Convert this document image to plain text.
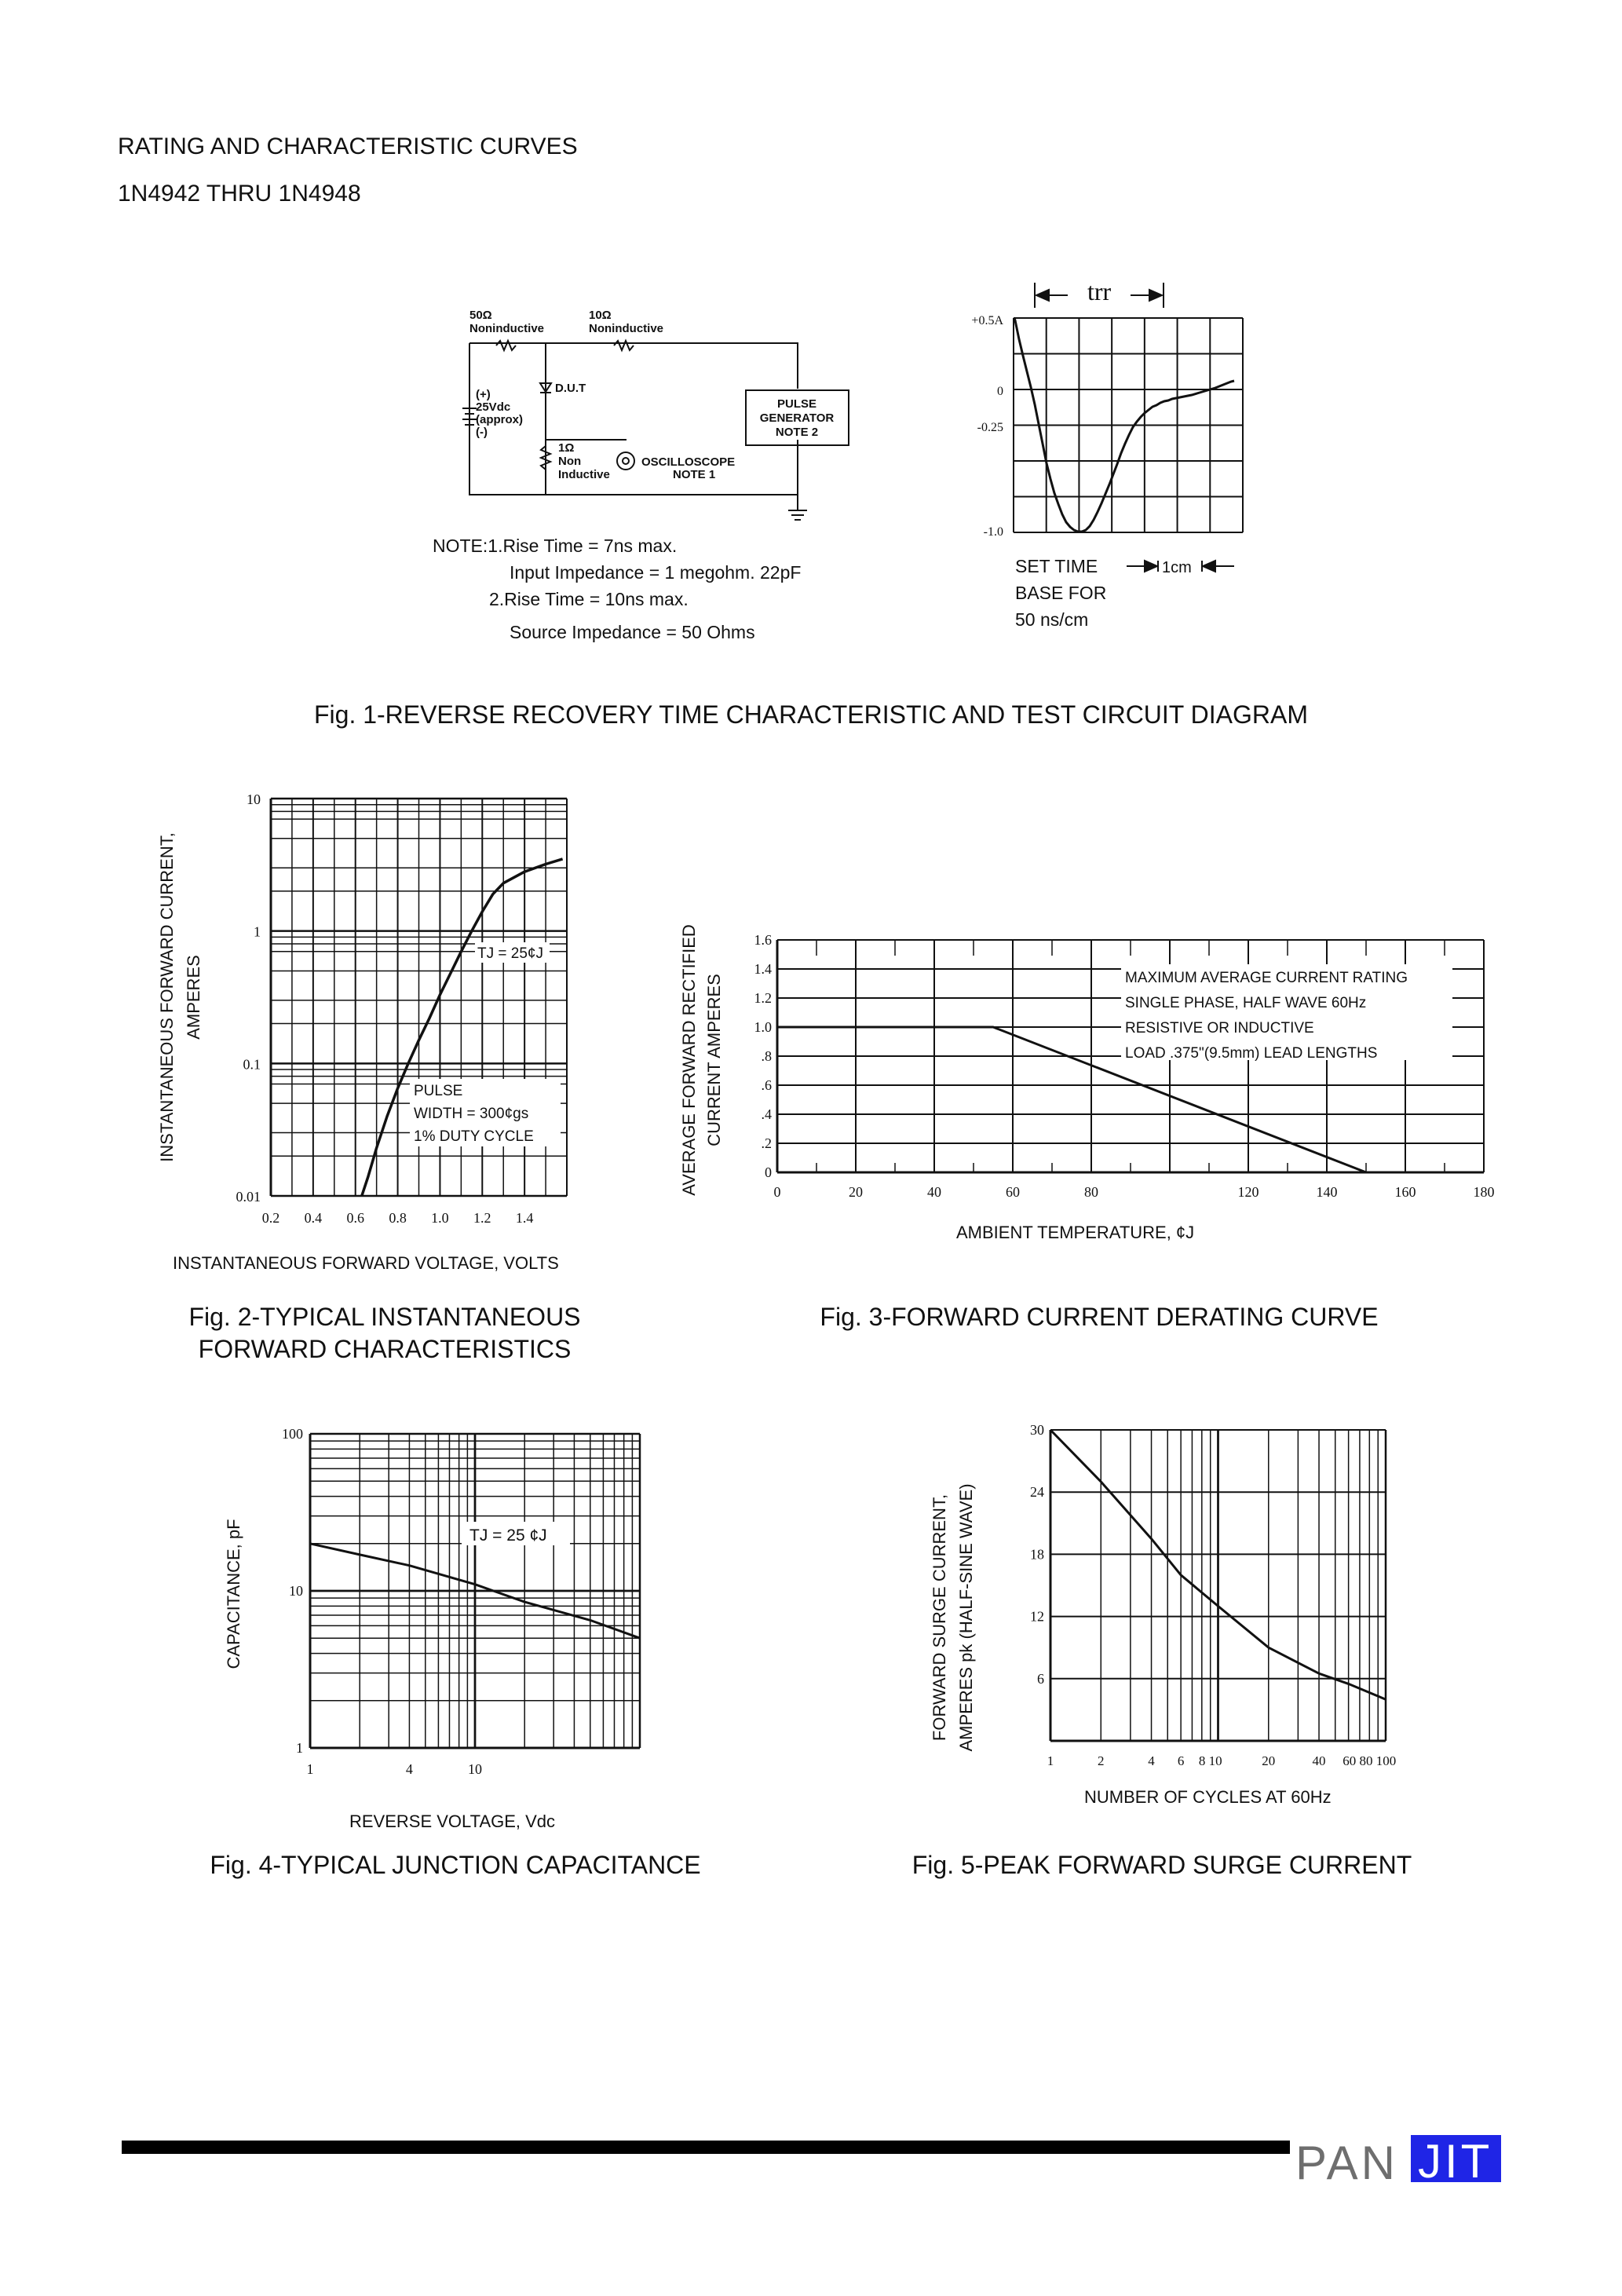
RATING AND CHARACTERISTIC CURVES
1N4942 THRU 1N4948
NOTE:1.Rise Time = 7ns max.
Input Impedance = 1 megohm. 22pF
2.Rise Time = 10ns max.
Source Impedance = 50 Ohms
Fig. 1-REVERSE RECOVERY TIME CHARACTERISTIC AND TEST CIRCUIT DIAGRAM
Fig. 2-TYPICAL INSTANTANEOUS
FORWARD CHARACTERISTICS
Fig. 3-FORWARD CURRENT DERATING CURVE
Fig. 4-TYPICAL JUNCTION CAPACITANCE	Fig. 5-PEAK FORWARD SURGE CURRENT
50Ω
Noninductive
10Ω
Noninductive
(+)
25Vdc
(approx)
(-)
D.U.T
1Ω
Non
Inductive
PULSE
GENERATOR
NOTE 2
OSCILLOSCOPE
NOTE 1
trr
+0.5A
0
-0.25
-1.0
SET TIME
BASE FOR
50 ns/cm
1cm
TJ = 25¢J
PULSE
WIDTH = 300¢gs
1% DUTY CYCLE
10
1
0.1
0.01
0.2 0.4 0.6 0.8 1.0 1.2 1.4
INSTANTANEOUS FORWARD VOLTAGE, VOLTS
INSTANTANEOUS FORWARD CURRENT, AMPERES	MAXIMUM AVERAGE CURRENT RATING
SINGLE PHASE, HALF WAVE 60Hz
RESISTIVE OR INDUCTIVE
LOAD .375"(9.5mm) LEAD LENGTHS
0
.2
.4
.6
.8
1.0
1.2
1.4
1.6
0	20	40	60	80	120	140	160	180
AMBIENT TEMPERATURE, ¢J
AVERAGE FORWARD RECTIFIED CURRENT AMPERES
TJ = 25 ¢J
100
10
1
1	4	10
REVERSE VOLTAGE, Vdc
CAPACITANCE, pF
30
24
18
12
6
1	2	4 6 8 10	20	40 60 80 100
NUMBER OF CYCLES AT 60Hz
FORWARD SURGE CURRENT, AMPERES pk (HALF-SINE WAVE)
PAN JIT
